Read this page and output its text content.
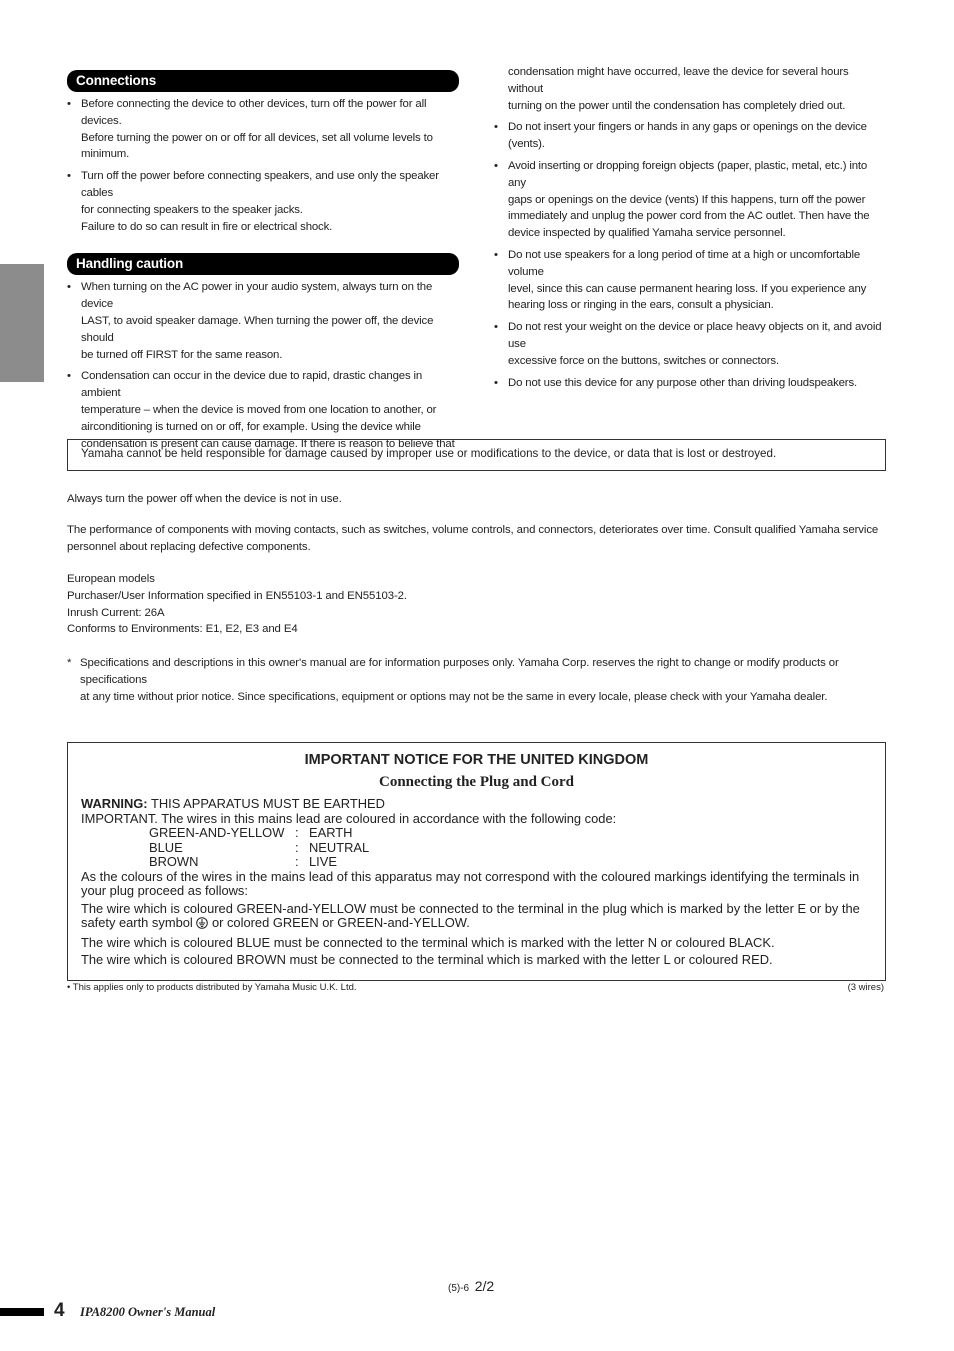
Connections
• Before connecting the device to other devices, turn off the power for all devices.
Before turning the power on or off for all devices, set all volume levels to
minimum.
• Turn off the power before connecting speakers, and use only the speaker cables
for connecting speakers to the speaker jacks.
Failure to do so can result in fire or electrical shock.
Handling caution
• When turning on the AC power in your audio system, always turn on the device
LAST, to avoid speaker damage. When turning the power off, the device should
be turned off FIRST for the same reason.
• Condensation can occur in the device due to rapid, drastic changes in ambient
temperature – when the device is moved from one location to another, or
airconditioning is turned on or off, for example. Using the device while
condensation is present can cause damage. If there is reason to believe that
condensation might have occurred, leave the device for several hours without
turning on the power until the condensation has completely dried out.
• Do not insert your fingers or hands in any gaps or openings on the device
(vents).
• Avoid inserting or dropping foreign objects (paper, plastic, metal, etc.) into any
gaps or openings on the device (vents) If this happens, turn off the power
immediately and unplug the power cord from the AC outlet. Then have the
device inspected by qualified Yamaha service personnel.
• Do not use speakers for a long period of time at a high or uncomfortable volume
level, since this can cause permanent hearing loss. If you experience any
hearing loss or ringing in the ears, consult a physician.
• Do not rest your weight on the device or place heavy objects on it, and avoid use
excessive force on the buttons, switches or connectors.
• Do not use this device for any purpose other than driving loudspeakers.
Yamaha cannot be held responsible for damage caused by improper use or modifications to the device, or data that is lost or destroyed.
Always turn the power off when the device is not in use.
The performance of components with moving contacts, such as switches, volume controls, and connectors, deteriorates over time. Consult qualified Yamaha service
personnel about replacing defective components.
European models
Purchaser/User Information specified in EN55103-1 and EN55103-2.
Inrush Current: 26A
Conforms to Environments: E1, E2, E3 and E4
* Specifications and descriptions in this owner's manual are for information purposes only. Yamaha Corp. reserves the right to change or modify products or specifications
at any time without prior notice. Since specifications, equipment or options may not be the same in every locale, please check with your Yamaha dealer.
IMPORTANT NOTICE FOR THE UNITED KINGDOM
Connecting the Plug and Cord

WARNING: THIS APPARATUS MUST BE EARTHED

IMPORTANT. The wires in this mains lead are coloured in accordance with the following code:

GREEN-AND-YELLOW : EARTH
BLUE	: NEUTRAL
BROWN	: LIVE

As the colours of the wires in the mains lead of this apparatus may not correspond with the coloured markings identifying the terminals in
your plug proceed as follows:

The wire which is coloured GREEN-and-YELLOW must be connected to the terminal in the plug which is marked by the letter E or by the
safety earth symbol  or colored GREEN or GREEN-and-YELLOW.

The wire which is coloured BLUE must be connected to the terminal which is marked with the letter N or coloured BLACK.

The wire which is coloured BROWN must be connected to the terminal which is marked with the letter L or coloured RED.

• This applies only to products distributed by Yamaha Music U.K. Ltd.	(3 wires)
(5)-6 2/2
4 IPA8200 Owner's Manual
